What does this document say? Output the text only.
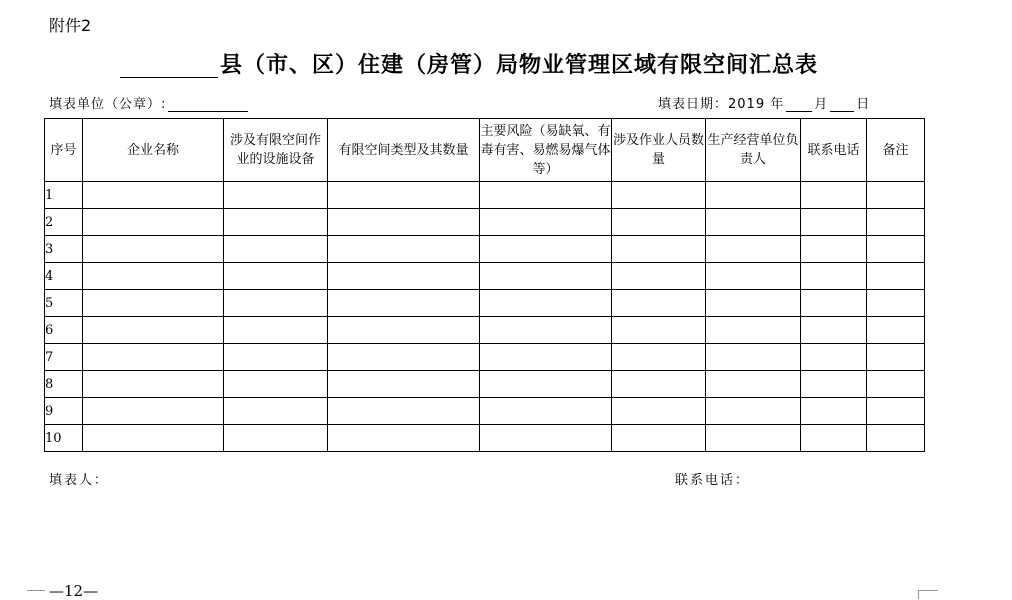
附件2
县（市、区）住建（房管）局物业管理区域有限空间汇总表
填表单位（公章）:	填表日期：2019 年 月 日
序号	企业名称	涉及有限空间作业的设施设备	有限空间类型及其数量	主要风险（易缺氧、有毒有害、易燃易爆气体等）	涉及作业人员数量	生产经营单位负责人	联系电话	备注
1								
2								
3								
4								
5								
6								
7								
8								
9								
10								
填表人：	联系电话：
—12—
